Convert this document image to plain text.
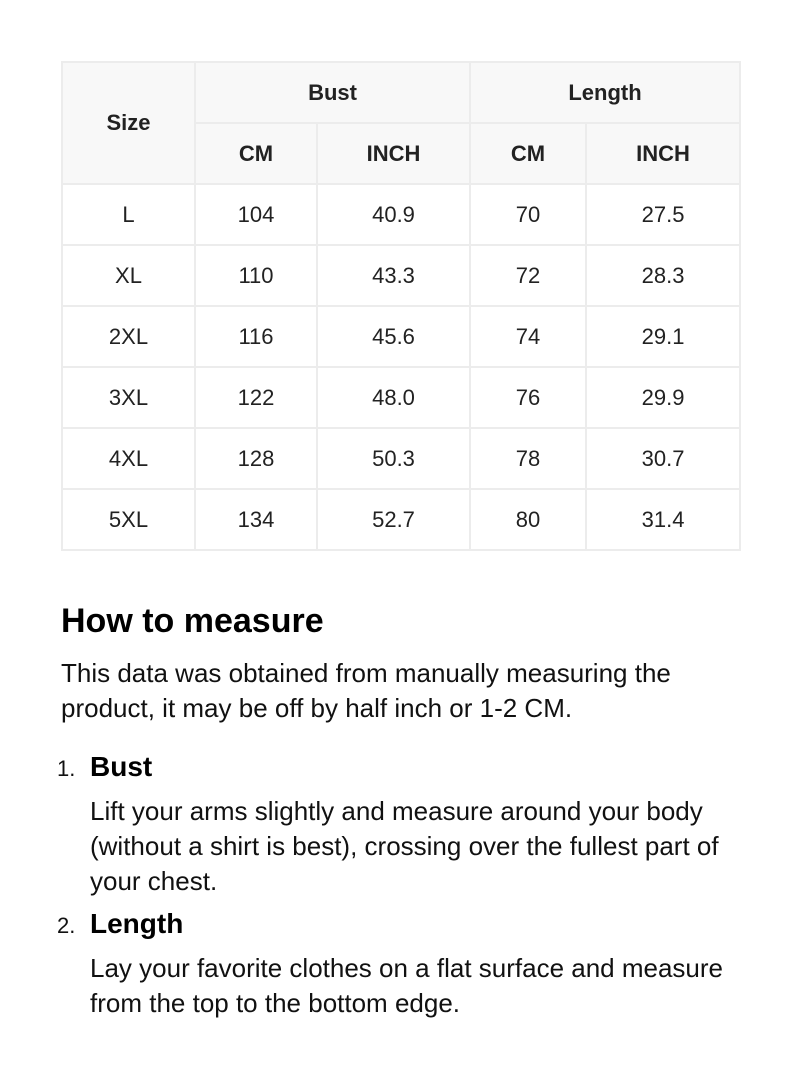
Size	Bust		Length	
	CM	INCH	CM	INCH
L	104	40.9	70	27.5
XL	110	43.3	72	28.3
2XL	116	45.6	74	29.1
3XL	122	48.0	76	29.9
4XL	128	50.3	78	30.7
5XL	134	52.7	80	31.4
How to measure

This data was obtained from manually measuring the product, it may be off by half inch or 1-2 CM.

1. Bust
Lift your arms slightly and measure around your body (without a shirt is best), crossing over the fullest part of your chest.
2. Length
Lay your favorite clothes on a flat surface and measure from the top to the bottom edge.
